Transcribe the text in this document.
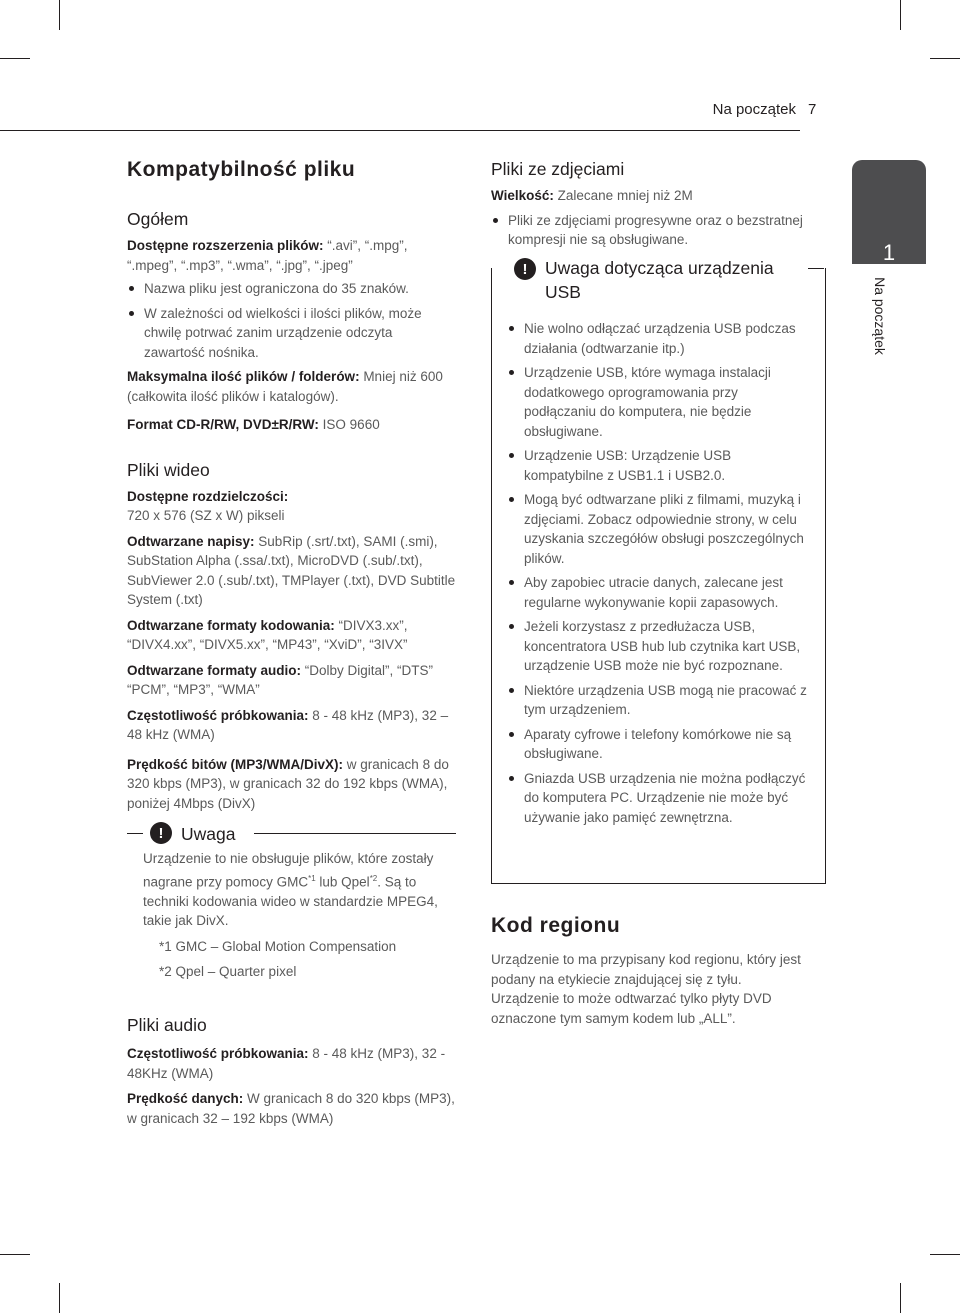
Na początek 7
1
Na początek
Kompatybilność pliku
Ogółem

Dostępne rozszerzenia plików: “.avi”, “.mpg”,
“.mpeg”, “.mp3”, “.wma”, “.jpg”, “.jpeg”

Nazwa pliku jest ograniczona do 35 znaków.
W zależności od wielkości i ilości plików, może chwilę potrwać zanim urządzenie odczyta zawartość nośnika.

Maksymalna ilość plików / folderów: Mniej niż 600 (całkowita ilość plików i katalogów).

Format CD-R/RW, DVD±R/RW: ISO 9660

Pliki wideo

Dostępne rozdzielczości:
720 x 576 (SZ x W) pikseli

Odtwarzane napisy: SubRip (.srt/.txt), SAMI (.smi), SubStation Alpha (.ssa/.txt), MicroDVD (.sub/.txt), SubViewer 2.0 (.sub/.txt), TMPlayer (.txt), DVD Subtitle System (.txt)

Odtwarzane formaty kodowania: “DIVX3.xx”, “DIVX4.xx”, “DIVX5.xx”, “MP43”, “XviD”, “3IVX”

Odtwarzane formaty audio: “Dolby Digital”, “DTS” “PCM”, “MP3”, “WMA”

Częstotliwość próbkowania: 8 - 48 kHz (MP3), 32 – 48 kHz (WMA)

Prędkość bitów (MP3/WMA/DivX): w granicach 8 do 320 kbps (MP3), w granicach 32 do 192 kbps (WMA), poniżej 4Mbps (DivX)

!	Uwaga

Urządzenie to nie obsługuje plików, które zostały nagrane przy pomocy GMC$^{*1}$ lub Qpel$^{*2}$. Są to techniki kodowania wideo w standardzie MPEG4, takie jak DivX.

*1 GMC – Global Motion Compensation

*2 Qpel – Quarter pixel

Pliki audio

Częstotliwość próbkowania: 8 - 48 kHz (MP3), 32 - 48KHz (WMA)

Prędkość danych: W granicach 8 do 320 kbps (MP3), w granicach 32 – 192 kbps (WMA)

Pliki ze zdjęciami

Wielkość: Zalecane mniej niż 2M

Pliki ze zdjęciami progresywne oraz o bezstratnej kompresji nie są obsługiwane.
!	Uwaga dotycząca urządzenia USB
Nie wolno odłączać urządzenia USB podczas działania (odtwarzanie itp.)
Urządzenie USB, które wymaga instalacji dodatkowego oprogramowania przy podłączaniu do komputera, nie będzie obsługiwane.
Urządzenie USB: Urządzenie USB kompatybilne z USB1.1 i USB2.0.
Mogą być odtwarzane pliki z filmami, muzyką i zdjęciami. Zobacz odpowiednie strony, w celu uzyskania szczegółów obsługi poszczególnych plików.
Aby zapobiec utracie danych, zalecane jest regularne wykonywanie kopii zapasowych.
Jeżeli korzystasz z przedłużacza USB, koncentratora USB hub lub czytnika kart USB, urządzenie USB może nie być rozpoznane.
Niektóre urządzenia USB mogą nie pracować z tym urządzeniem.
Aparaty cyfrowe i telefony komórkowe nie są obsługiwane.
Gniazda USB urządzenia nie można podłączyć do komputera PC. Urządzenie nie może być używanie jako pamięć zewnętrzna.
Kod regionu

Urządzenie to ma przypisany kod regionu, który jest podany na etykiecie znajdującej się z tyłu. Urządzenie to może odtwarzać tylko płyty DVD oznaczone tym samym kodem lub „ALL”.
